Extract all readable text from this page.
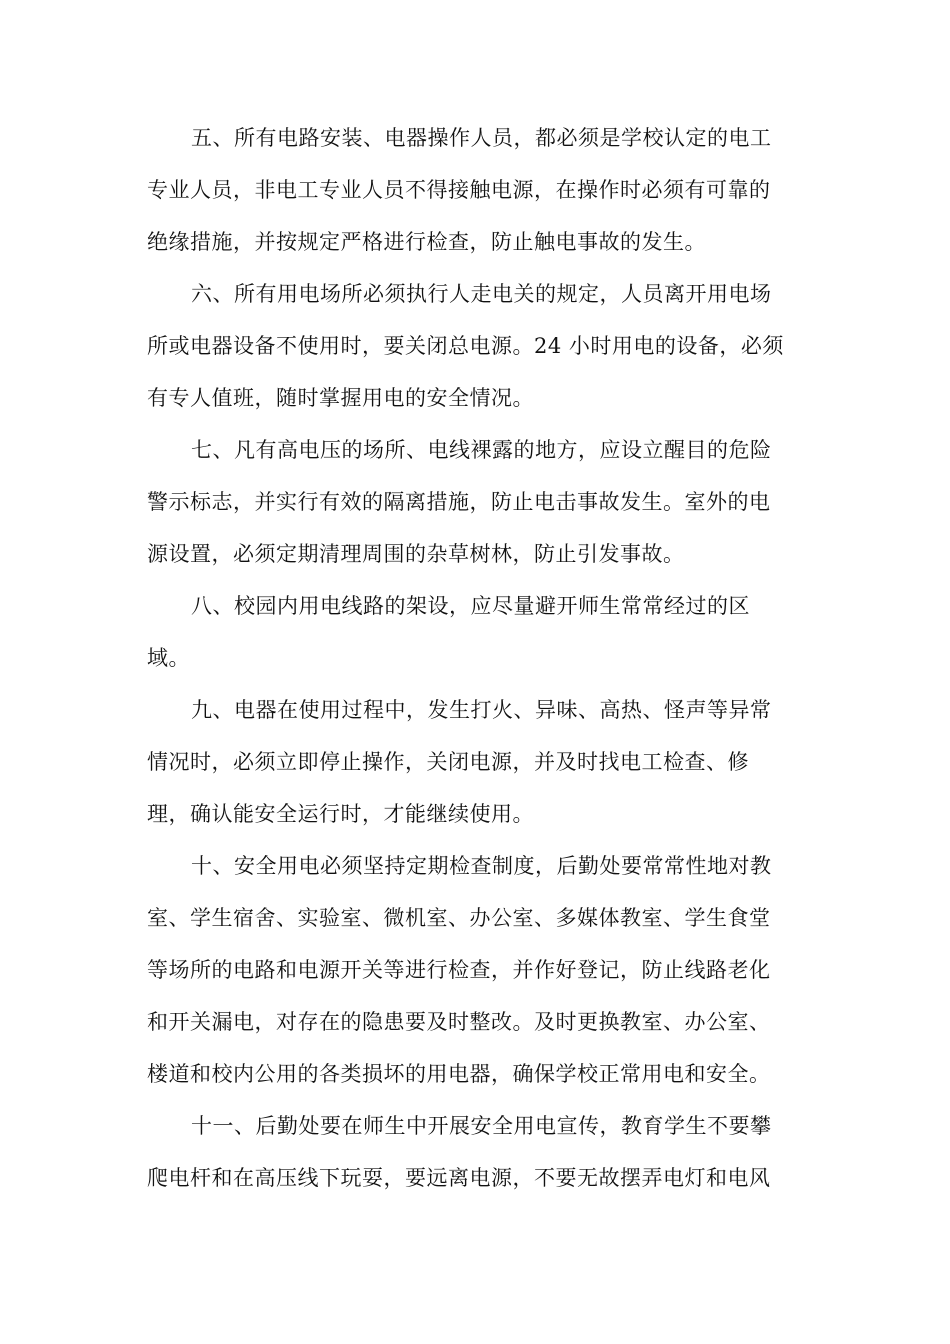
五、所有电路安装、电器操作人员，都必须是学校认定的电工
专业人员，非电工专业人员不得接触电源，在操作时必须有可靠的
绝缘措施，并按规定严格进行检查，防止触电事故的发生。
六、所有用电场所必须执行人走电关的规定，人员离开用电场
所或电器设备不使用时，要关闭总电源。24 小时用电的设备，必须
有专人值班，随时掌握用电的安全情况。
七、凡有高电压的场所、电线裸露的地方，应设立醒目的危险
警示标志，并实行有效的隔离措施，防止电击事故发生。室外的电
源设置，必须定期清理周围的杂草树林，防止引发事故。
八、校园内用电线路的架设，应尽量避开师生常常经过的区
域。
九、电器在使用过程中，发生打火、异味、高热、怪声等异常
情况时，必须立即停止操作，关闭电源，并及时找电工检查、修
理，确认能安全运行时，才能继续使用。
十、安全用电必须坚持定期检查制度，后勤处要常常性地对教
室、学生宿舍、实验室、微机室、办公室、多媒体教室、学生食堂
等场所的电路和电源开关等进行检查，并作好登记，防止线路老化
和开关漏电，对存在的隐患要及时整改。及时更换教室、办公室、
楼道和校内公用的各类损坏的用电器，确保学校正常用电和安全。
十一、后勤处要在师生中开展安全用电宣传，教育学生不要攀
爬电杆和在高压线下玩耍，要远离电源，不要无故摆弄电灯和电风
